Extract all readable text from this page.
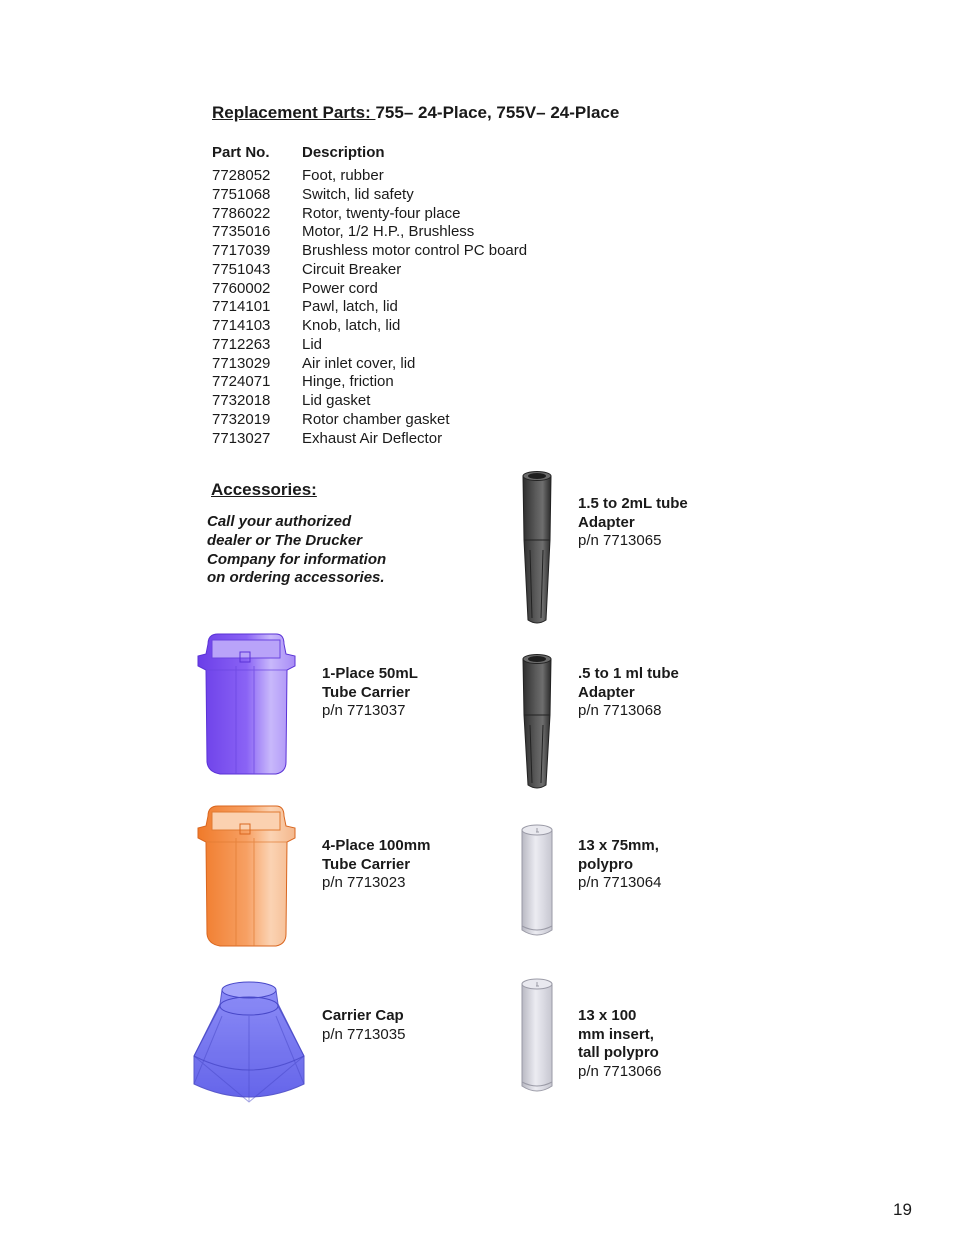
Replacement Parts: 755– 24-Place, 755V– 24-Place
Part No. Description
7728052 Foot, rubber
7751068 Switch, lid safety
7786022 Rotor, twenty-four place
7735016 Motor, 1/2 H.P., Brushless
7717039 Brushless motor control PC board
7751043 Circuit Breaker
7760002 Power cord
7714101 Pawl, latch, lid
7714103 Knob, latch, lid
7712263 Lid
7713029 Air inlet cover, lid
7724071 Hinge, friction
7732018 Lid gasket
7732019 Rotor chamber gasket
7713027 Exhaust Air Deflector
Accessories:
Call your authorized
dealer or The Drucker
Company for information
on ordering accessories.
1.5 to 2mL tube
Adapter
p/n 7713065
1-Place 50mL
Tube Carrier
p/n 7713037
.5 to 1 ml tube
Adapter
p/n 7713068
4-Place 100mm
Tube Carrier
p/n 7713023
13 x 75mm,
polypro
p/n 7713064
Carrier Cap
p/n 7713035
13 x 100
mm insert,
tall polypro
p/n 7713066
19
